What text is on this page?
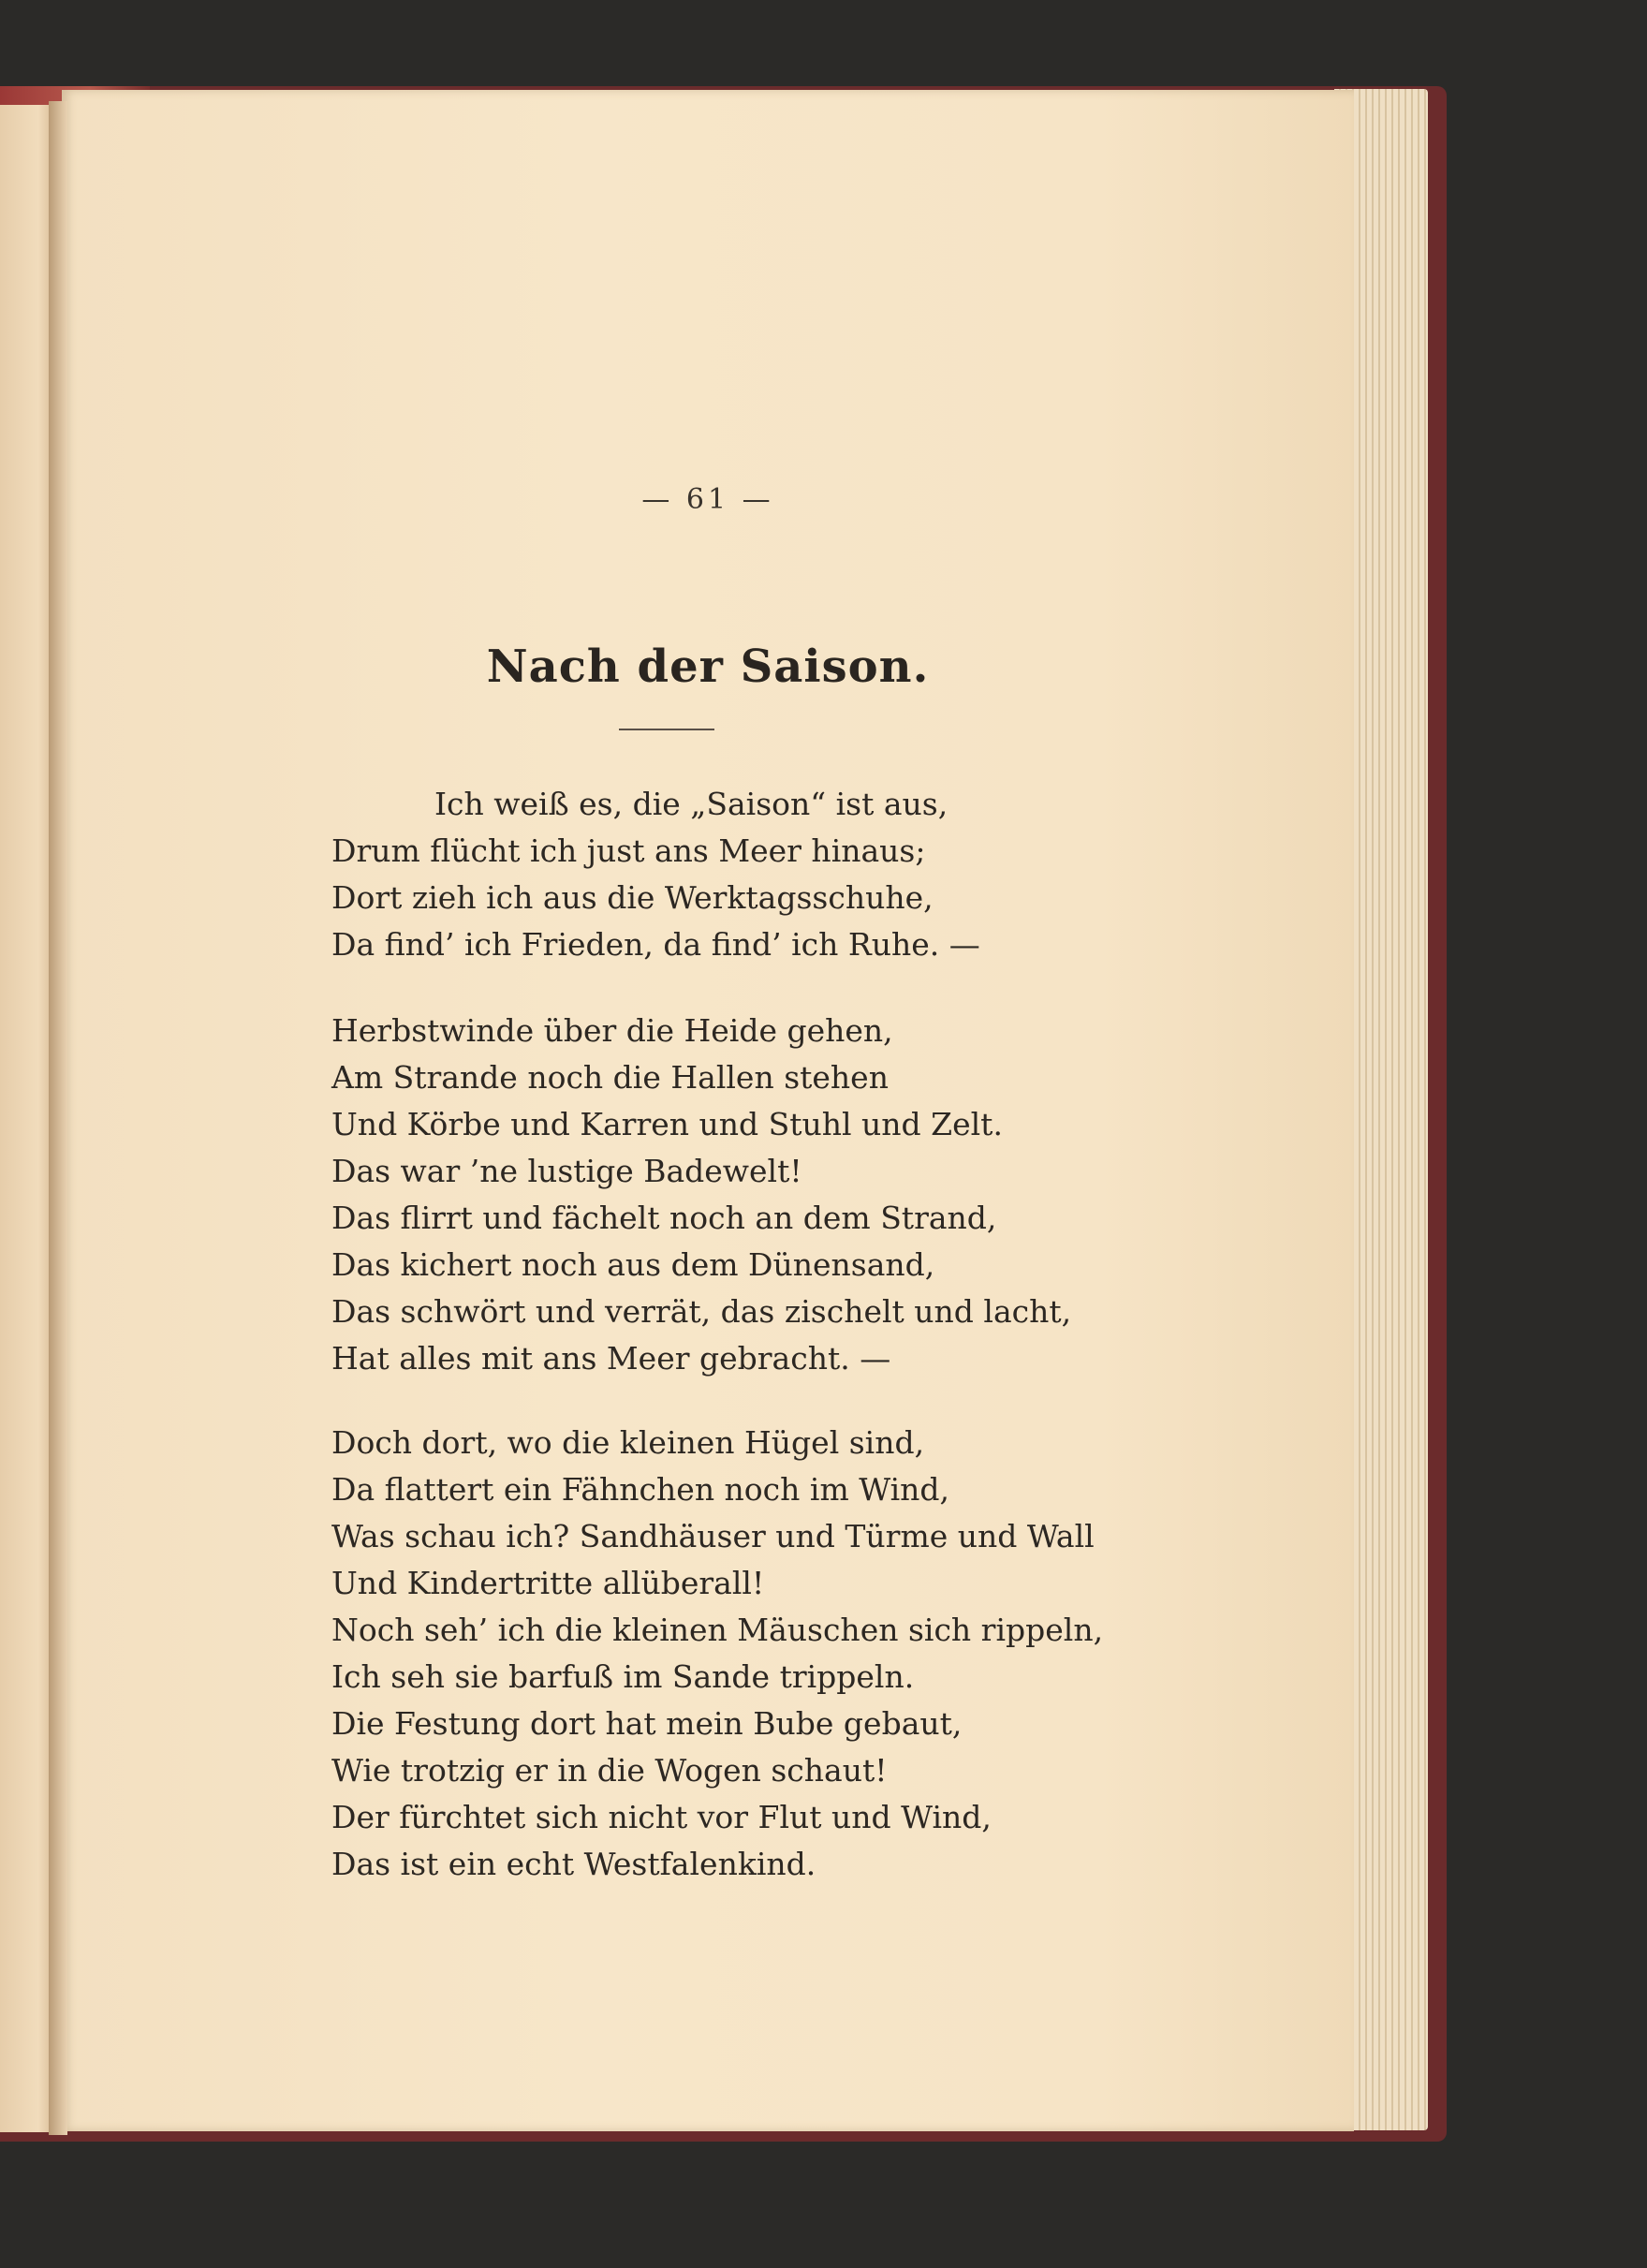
— 61 —
Nach der Saison.
Ich weiß es, die „Saison“ ist aus,
Drum flücht ich just ans Meer hinaus;
Dort zieh ich aus die Werktagsschuhe,
Da find’ ich Frieden, da find’ ich Ruhe. —
Herbstwinde über die Heide gehen,
Am Strande noch die Hallen stehen
Und Körbe und Karren und Stuhl und Zelt.
Das war ’ne lustige Badewelt!
Das flirrt und fächelt noch an dem Strand,
Das kichert noch aus dem Dünensand,
Das schwört und verrät, das zischelt und lacht,
Hat alles mit ans Meer gebracht. —
Doch dort, wo die kleinen Hügel sind,
Da flattert ein Fähnchen noch im Wind,
Was schau ich? Sandhäuser und Türme und Wall
Und Kindertritte allüberall!
Noch seh’ ich die kleinen Mäuschen sich rippeln,
Ich seh sie barfuß im Sande trippeln.
Die Festung dort hat mein Bube gebaut,
Wie trotzig er in die Wogen schaut!
Der fürchtet sich nicht vor Flut und Wind,
Das ist ein echt Westfalenkind.
